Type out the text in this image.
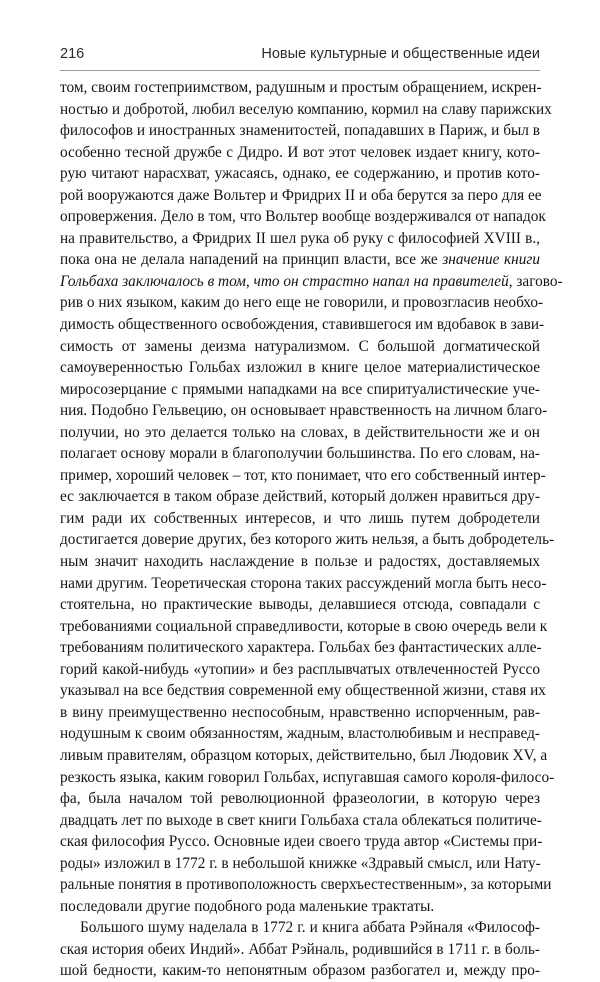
216	Новые культурные и общественные идеи
том, своим гостеприимством, радушным и простым обращением, искрен-
ностью и добротой, любил веселую компанию, кормил на славу парижских
философов и иностранных знаменитостей, попадавших в Париж, и был в
особенно тесной дружбе с Дидро. И вот этот человек издает книгу, кото-
рую читают нарасхват, ужасаясь, однако, ее содержанию, и против кото-
рой вооружаются даже Вольтер и Фридрих II и оба берутся за перо для ее
опровержения. Дело в том, что Вольтер вообще воздерживался от нападок
на правительство, а Фридрих II шел рука об руку с философией XVIII в.,
пока она не делала нападений на принцип власти, все же значение книги
Гольбаха заключалось в том, что он страстно напал на правителей, загово-
рив о них языком, каким до него еще не говорили, и провозгласив необхо-
димость общественного освобождения, ставившегося им вдобавок в зави-
симость от замены деизма натурализмом. С большой догматической
самоуверенностью Гольбах изложил в книге целое материалистическое
миросозерцание с прямыми нападками на все спиритуалистические уче-
ния. Подобно Гельвецию, он основывает нравственность на личном благо-
получии, но это делается только на словах, в действительности же и он
полагает основу морали в благополучии большинства. По его словам, на-
пример, хороший человек – тот, кто понимает, что его собственный интер-
ес заключается в таком образе действий, который должен нравиться дру-
гим ради их собственных интересов, и что лишь путем добродетели
достигается доверие других, без которого жить нельзя, а быть добродетель-
ным значит находить наслаждение в пользе и радостях, доставляемых
нами другим. Теоретическая сторона таких рассуждений могла быть несо-
стоятельна, но практические выводы, делавшиеся отсюда, совпадали с
требованиями социальной справедливости, которые в свою очередь вели к
требованиям политического характера. Гольбах без фантастических алле-
горий какой-нибудь «утопии» и без расплывчатых отвлеченностей Руссо
указывал на все бедствия современной ему общественной жизни, ставя их
в вину преимущественно неспособным, нравственно испорченным, рав-
нодушным к своим обязанностям, жадным, властолюбивым и несправед-
ливым правителям, образцом которых, действительно, был Людовик XV, а
резкость языка, каким говорил Гольбах, испугавшая самого короля-филосо-
фа, была началом той революционной фразеологии, в которую через
двадцать лет по выходе в свет книги Гольбаха стала облекаться политиче-
ская философия Руссо. Основные идеи своего труда автор «Системы при-
роды» изложил в 1772 г. в небольшой книжке «Здравый смысл, или Нату-
ральные понятия в противоположность сверхъестественным», за которыми
последовали другие подобного рода маленькие трактаты.
Большого шуму наделала в 1772 г. и книга аббата Рэйналя «Философ-
ская история обеих Индий». Аббат Рэйналь, родившийся в 1711 г. в боль-
шой бедности, каким-то непонятным образом разбогател и, между про-
